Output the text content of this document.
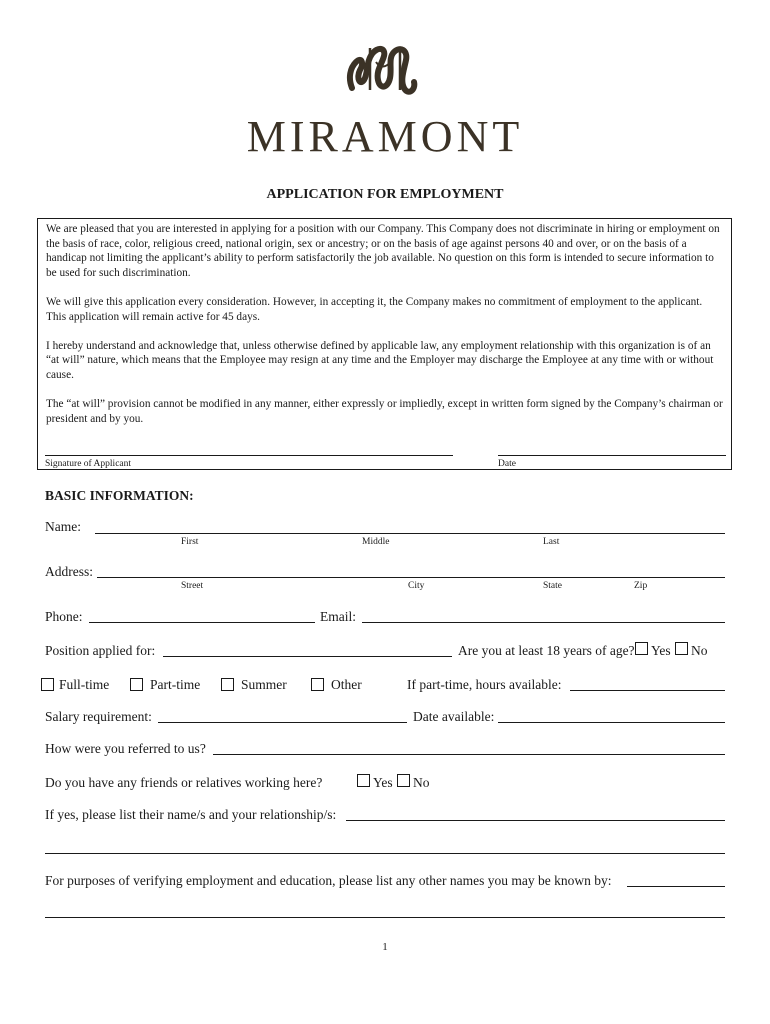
MIRAMONT
APPLICATION FOR EMPLOYMENT

We are pleased that you are interested in applying for a position with our Company. This Company does not discriminate in hiring or employment on the basis of race, color, religious creed, national origin, sex or ancestry; or on the basis of age against persons 40 and over, or on the basis of a handicap not limiting the applicant’s ability to perform satisfactorily the job available. No question on this form is intended to secure information to be used for such discrimination.

We will give this application every consideration. However, in accepting it, the Company makes no commitment of employment to the applicant. This application will remain active for 45 days.

I hereby understand and acknowledge that, unless otherwise defined by applicable law, any employment relationship with this organization is of an “at will” nature, which means that the Employee may resign at any time and the Employer may discharge the Employee at any time with or without cause.

The “at will” provision cannot be modified in any manner, either expressly or impliedly, except in written form signed by the Company’s chairman or president and by you.

Signature of Applicant	Date
BASIC INFORMATION:
Name:
First	Middle	Last
Address:
Street	City	State	Zip
Phone:	Email:
Position applied for:	Are you at least 18 years of age? Yes No
Full-time	Part-time	Summer	Other	If part-time, hours available:
Salary requirement:	Date available:
How were you referred to us?
Do you have any friends or relatives working here?	Yes No
If yes, please list their name/s and your relationship/s:
For purposes of verifying employment and education, please list any other names you may be known by:
1
